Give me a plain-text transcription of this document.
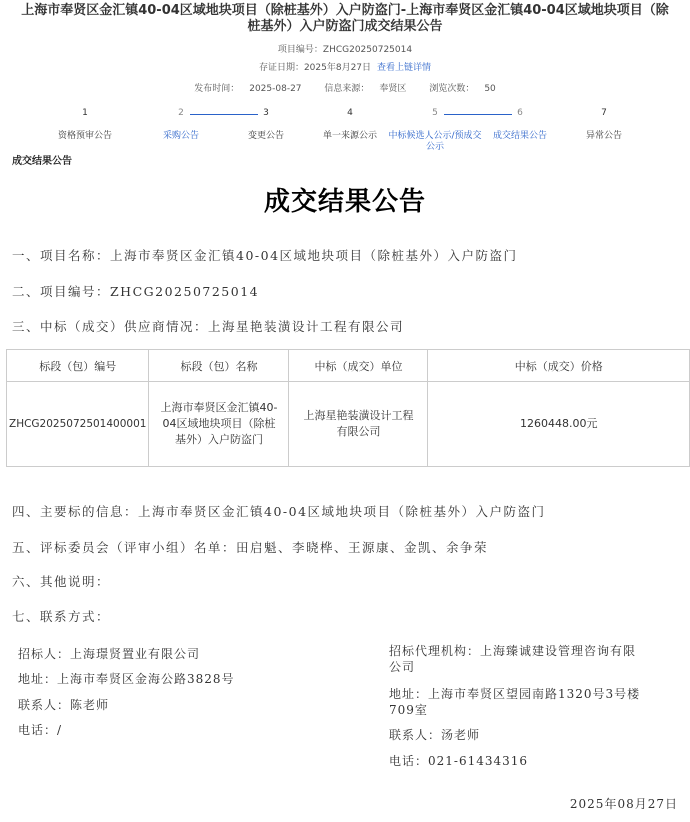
上海市奉贤区金汇镇40-04区域地块项目（除桩基外）入户防盗门-上海市奉贤区金汇镇40-04区域地块项目（除桩基外）入户防盗门成交结果公告
项目编号：ZHCG20250725014
存证日期：2025年8月27日 查看上链详情
发布时间： 2025-08-27	信息来源： 奉贤区	浏览次数： 50
1
资格预审公告
2
采购公告
3
变更公告
4
单一来源公示
5
中标候选人公示/预成交公示
6
成交结果公告
7
异常公告
成交结果公告
成交结果公告
一、项目名称：上海市奉贤区金汇镇40-04区域地块项目（除桩基外）入户防盗门
二、项目编号：ZHCG20250725014
三、中标（成交）供应商情况：上海星艳装潢设计工程有限公司
标段（包）编号	标段（包）名称	中标（成交）单位	中标（成交）价格
ZHCG2025072501400001	上海市奉贤区金汇镇40-04区域地块项目（除桩基外）入户防盗门	上海星艳装潢设计工程有限公司	1260448.00元
四、主要标的信息：上海市奉贤区金汇镇40-04区域地块项目（除桩基外）入户防盗门
五、评标委员会（评审小组）名单：田启魁、李晓桦、王源康、金凯、余争荣
六、其他说明：
七、联系方式：
招标人：上海璟贤置业有限公司
地址：上海市奉贤区金海公路3828号
联系人：陈老师
电话：/
招标代理机构：上海臻诚建设管理咨询有限
公司
地址：上海市奉贤区望园南路1320号3号楼
709室
联系人：汤老师
电话：021-61434316
2025年08月27日
